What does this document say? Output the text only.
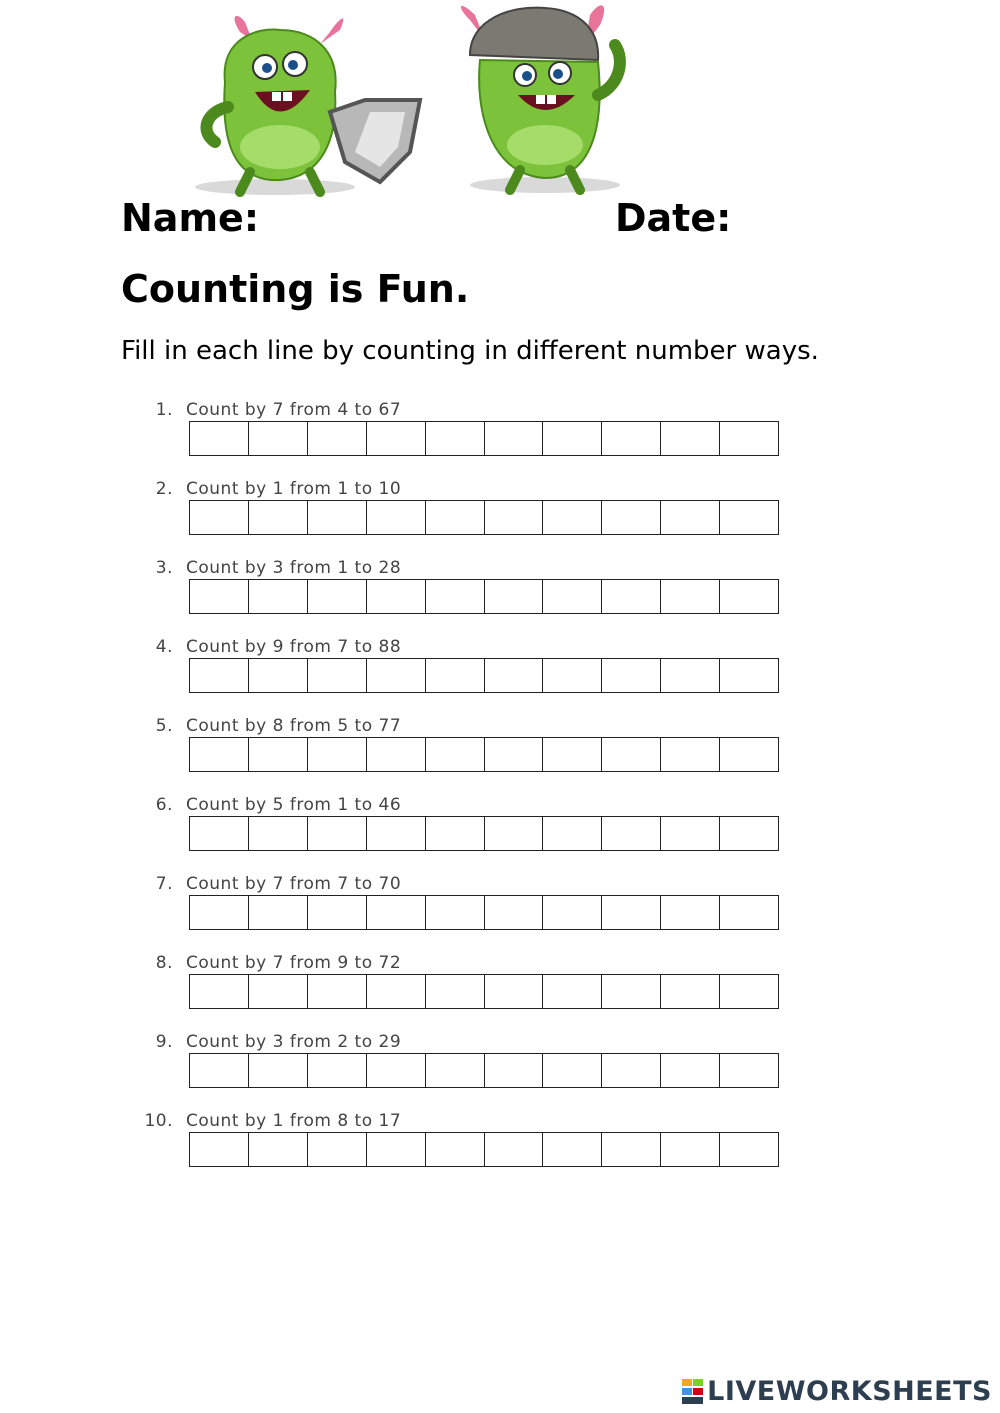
Name:	Date:
Counting is Fun.
Fill in each line by counting in different number ways.
1. Count by 7 from 4 to 67
2. Count by 1 from 1 to 10
3. Count by 3 from 1 to 28
4. Count by 9 from 7 to 88
5. Count by 8 from 5 to 77
6. Count by 5 from 1 to 46
7. Count by 7 from 7 to 70
8. Count by 7 from 9 to 72
9. Count by 3 from 2 to 29
10. Count by 1 from 8 to 17
LIVEWORKSHEETS
